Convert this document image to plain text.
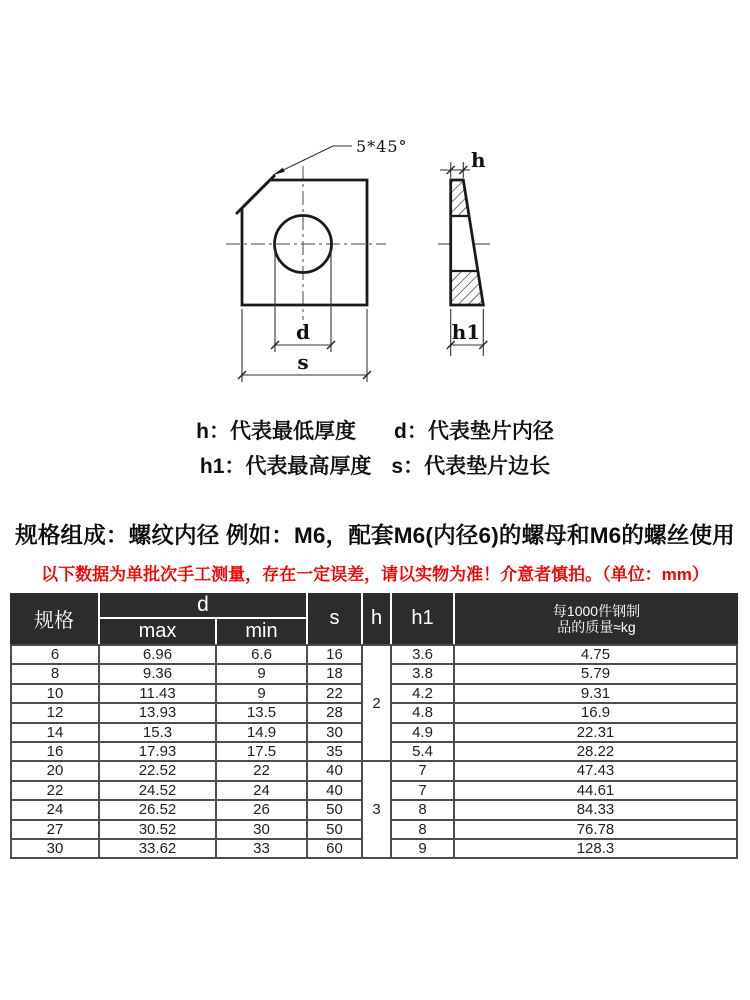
d
s
5*45°
h
h1
h：代表最低厚度 d：代表垫片内径
h1：代表最高厚度 s：代表垫片边长
规格组成：螺纹内径 例如：M6，配套M6(内径6)的螺母和M6的螺丝使用
以下数据为单批次手工测量，存在一定误差，请以实物为准！介意者慎拍。（单位：mm）
规格	d		s	h	h1	每1000件钢制
品的质量≈kg

	max	min				
6	6.96	6.6	16	2	3.6	4.75
8	9.36	9	18		3.8	5.79
10	11.43	9	22		4.2	9.31
12	13.93	13.5	28		4.8	16.9
14	15.3	14.9	30		4.9	22.31
16	17.93	17.5	35		5.4	28.22
20	22.52	22	40	3	7	47.43
22	24.52	24	40		7	44.61
24	26.52	26	50		8	84.33
27	30.52	30	50		8	76.78
30	33.62	33	60		9	128.3
